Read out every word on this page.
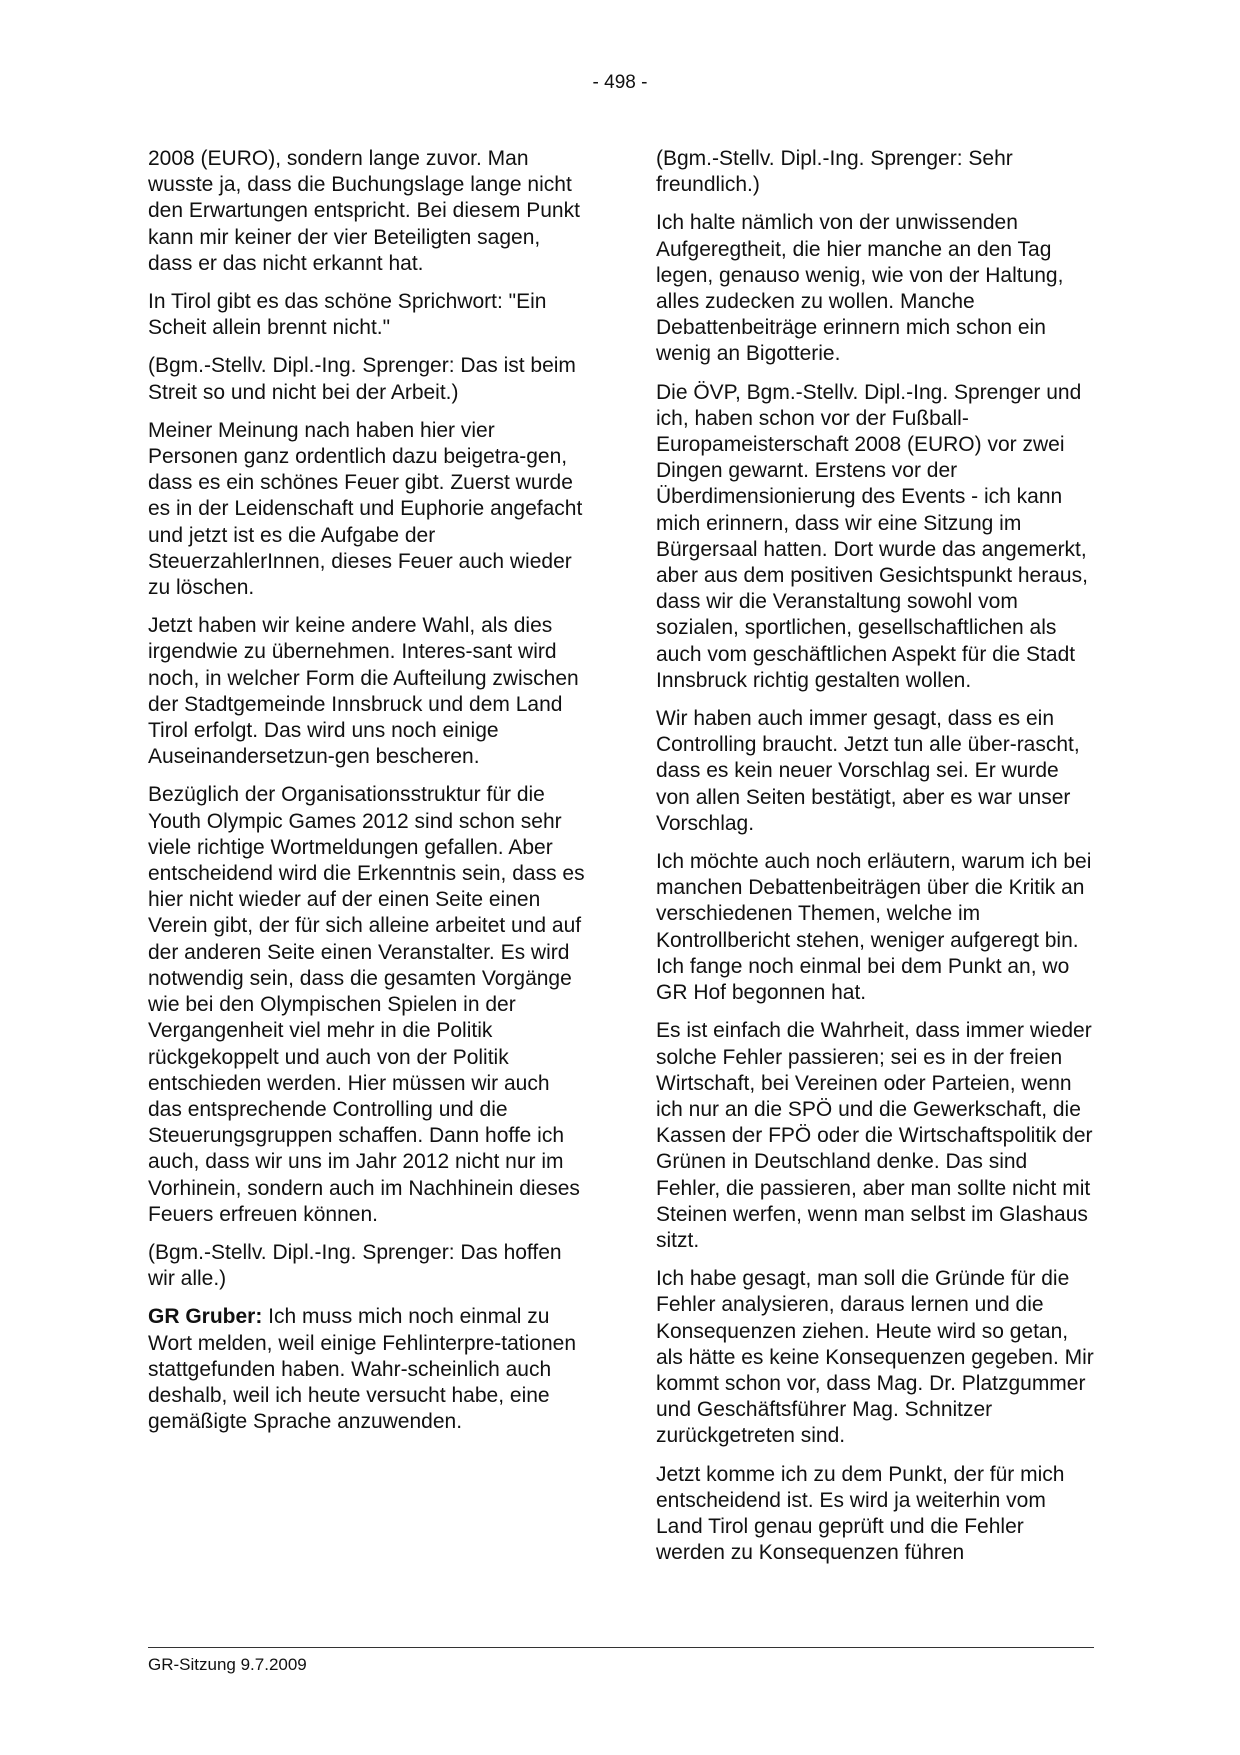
- 498 -

2008 (EURO), sondern lange zuvor. Man wusste ja, dass die Buchungslage lange nicht den Erwartungen entspricht. Bei diesem Punkt kann mir keiner der vier Beteiligten sagen, dass er das nicht erkannt hat.

In Tirol gibt es das schöne Sprichwort: "Ein Scheit allein brennt nicht."

(Bgm.-Stellv. Dipl.-Ing. Sprenger: Das ist beim Streit so und nicht bei der Arbeit.)

Meiner Meinung nach haben hier vier Personen ganz ordentlich dazu beigetra-gen, dass es ein schönes Feuer gibt. Zuerst wurde es in der Leidenschaft und Euphorie angefacht und jetzt ist es die Aufgabe der SteuerzahlerInnen, dieses Feuer auch wieder zu löschen.

Jetzt haben wir keine andere Wahl, als dies irgendwie zu übernehmen. Interes-sant wird noch, in welcher Form die Aufteilung zwischen der Stadtgemeinde Innsbruck und dem Land Tirol erfolgt. Das wird uns noch einige Auseinandersetzun-gen bescheren.

Bezüglich der Organisationsstruktur für die Youth Olympic Games 2012 sind schon sehr viele richtige Wortmeldungen gefallen. Aber entscheidend wird die Erkenntnis sein, dass es hier nicht wieder auf der einen Seite einen Verein gibt, der für sich alleine arbeitet und auf der anderen Seite einen Veranstalter. Es wird notwendig sein, dass die gesamten Vorgänge wie bei den Olympischen Spielen in der Vergangenheit viel mehr in die Politik rückgekoppelt und auch von der Politik entschieden werden. Hier müssen wir auch das entsprechende Controlling und die Steuerungsgruppen schaffen. Dann hoffe ich auch, dass wir uns im Jahr 2012 nicht nur im Vorhinein, sondern auch im Nachhinein dieses Feuers erfreuen können.

(Bgm.-Stellv. Dipl.-Ing. Sprenger: Das hoffen wir alle.)

GR Gruber: Ich muss mich noch einmal zu Wort melden, weil einige Fehlinterpre-tationen stattgefunden haben. Wahr-scheinlich auch deshalb, weil ich heute versucht habe, eine gemäßigte Sprache anzuwenden.

(Bgm.-Stellv. Dipl.-Ing. Sprenger: Sehr freundlich.)

Ich halte nämlich von der unwissenden Aufgeregtheit, die hier manche an den Tag legen, genauso wenig, wie von der Haltung, alles zudecken zu wollen. Manche Debattenbeiträge erinnern mich schon ein wenig an Bigotterie.

Die ÖVP, Bgm.-Stellv. Dipl.-Ing. Sprenger und ich, haben schon vor der Fußball-Europameisterschaft 2008 (EURO) vor zwei Dingen gewarnt. Erstens vor der Überdimensionierung des Events - ich kann mich erinnern, dass wir eine Sitzung im Bürgersaal hatten. Dort wurde das angemerkt, aber aus dem positiven Gesichtspunkt heraus, dass wir die Veranstaltung sowohl vom sozialen, sportlichen, gesellschaftlichen als auch vom geschäftlichen Aspekt für die Stadt Innsbruck richtig gestalten wollen.

Wir haben auch immer gesagt, dass es ein Controlling braucht. Jetzt tun alle über-rascht, dass es kein neuer Vorschlag sei. Er wurde von allen Seiten bestätigt, aber es war unser Vorschlag.

Ich möchte auch noch erläutern, warum ich bei manchen Debattenbeiträgen über die Kritik an verschiedenen Themen, welche im Kontrollbericht stehen, weniger aufgeregt bin. Ich fange noch einmal bei dem Punkt an, wo GR Hof begonnen hat.

Es ist einfach die Wahrheit, dass immer wieder solche Fehler passieren; sei es in der freien Wirtschaft, bei Vereinen oder Parteien, wenn ich nur an die SPÖ und die Gewerkschaft, die Kassen der FPÖ oder die Wirtschaftspolitik der Grünen in Deutschland denke. Das sind Fehler, die passieren, aber man sollte nicht mit Steinen werfen, wenn man selbst im Glashaus sitzt.

Ich habe gesagt, man soll die Gründe für die Fehler analysieren, daraus lernen und die Konsequenzen ziehen. Heute wird so getan, als hätte es keine Konsequenzen gegeben. Mir kommt schon vor, dass Mag. Dr. Platzgummer und Geschäftsführer Mag. Schnitzer zurückgetreten sind.

Jetzt komme ich zu dem Punkt, der für mich entscheidend ist. Es wird ja weiterhin vom Land Tirol genau geprüft und die Fehler werden zu Konsequenzen führen

GR-Sitzung 9.7.2009
